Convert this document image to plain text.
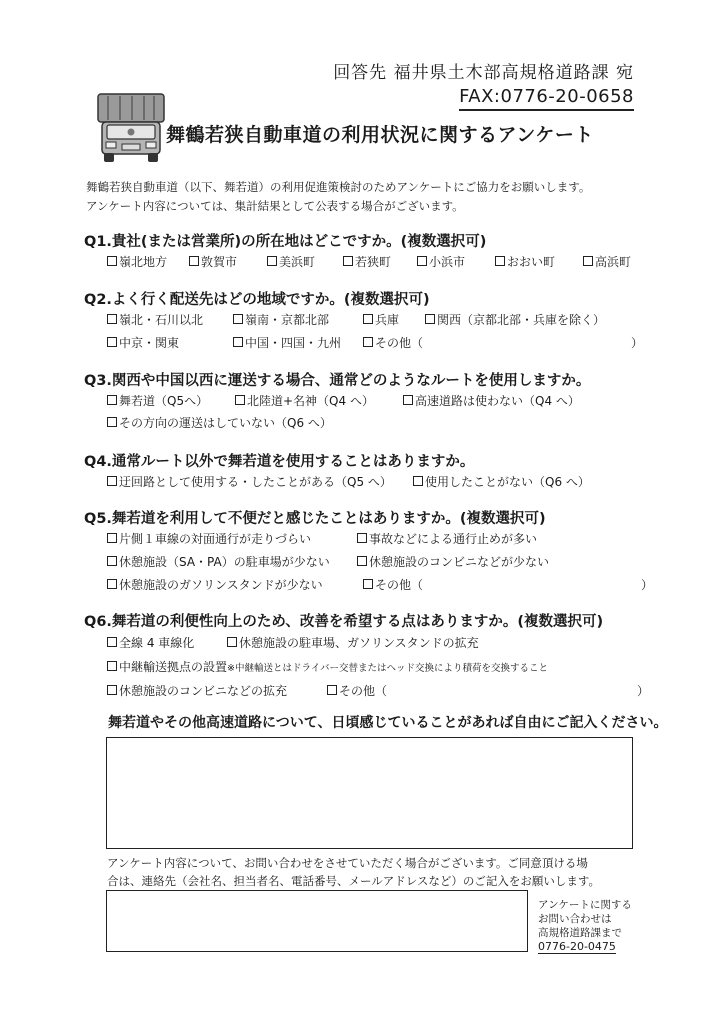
回答先 福井県土木部高規格道路課 宛
FAX:0776-20-0658
舞鶴若狭自動車道の利用状況に関するアンケート
舞鶴若狭自動車道（以下、舞若道）の利用促進策検討のためアンケートにご協力をお願いします。
アンケート内容については、集計結果として公表する場合がございます。
Q1.貴社(または営業所)の所在地はどこですか。(複数選択可)
嶺北地方	敦賀市	美浜町	若狭町	小浜市	おおい町	高浜町
Q2.よく行く配送先はどの地域ですか。(複数選択可)
嶺北・石川以北	嶺南・京都北部	兵庫	関西（京都北部・兵庫を除く）
中京・関東	中国・四国・九州	その他（	）
Q3.関西や中国以西に運送する場合、通常どのようなルートを使用しますか。
舞若道（Q5へ）	北陸道+名神（Q4 へ）	高速道路は使わない（Q4 へ）
その方向の運送はしていない（Q6 へ）
Q4.通常ルート以外で舞若道を使用することはありますか。
迂回路として使用する・したことがある（Q5 へ）	使用したことがない（Q6 へ）
Q5.舞若道を利用して不便だと感じたことはありますか。(複数選択可)
片側１車線の対面通行が走りづらい	事故などによる通行止めが多い
休憩施設（SA・PA）の駐車場が少ない	休憩施設のコンビニなどが少ない
休憩施設のガソリンスタンドが少ない	その他（	）
Q6.舞若道の利便性向上のため、改善を希望する点はありますか。(複数選択可)
全線 4 車線化	休憩施設の駐車場、ガソリンスタンドの拡充
中継輸送拠点の設置※中継輸送とはドライバー交替またはヘッド交換により積荷を交換すること
休憩施設のコンビニなどの拡充	その他（	）
舞若道やその他高速道路について、日頃感じていることがあれば自由にご記入ください。
アンケート内容について、お問い合わせをさせていただく場合がございます。ご同意頂ける場
合は、連絡先（会社名、担当者名、電話番号、メールアドレスなど）のご記入をお願いします。
アンケートに関する
お問い合わせは
高規格道路課まで
0776-20-0475
